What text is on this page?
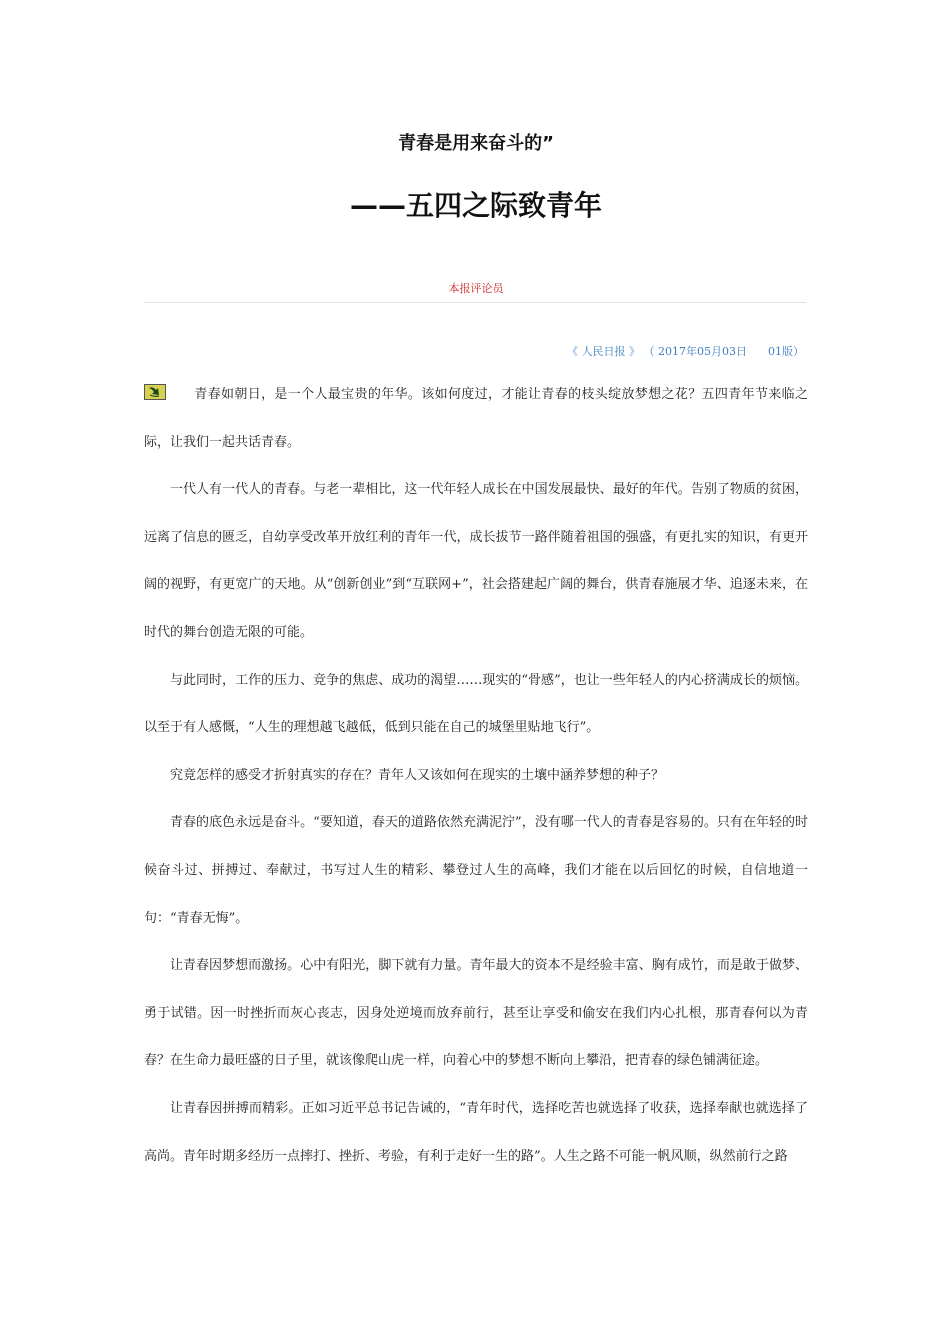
青春是用来奋斗的”
——五四之际致青年
本报评论员
《 人民日报 》 （ 2017年05月03日 01版）

青春如朝日，是一个人最宝贵的年华。该如何度过，才能让青春的枝头绽放梦想之花？五四青年节来临之际，让我们一起共话青春。

一代人有一代人的青春。与老一辈相比，这一代年轻人成长在中国发展最快、最好的年代。告别了物质的贫困，远离了信息的匮乏，自幼享受改革开放红利的青年一代，成长拔节一路伴随着祖国的强盛，有更扎实的知识，有更开阔的视野，有更宽广的天地。从“创新创业”到“互联网+”，社会搭建起广阔的舞台，供青春施展才华、追逐未来，在时代的舞台创造无限的可能。

与此同时，工作的压力、竞争的焦虑、成功的渴望……现实的“骨感”，也让一些年轻人的内心挤满成长的烦恼。以至于有人感慨，“人生的理想越飞越低，低到只能在自己的城堡里贴地飞行”。

究竟怎样的感受才折射真实的存在？青年人又该如何在现实的土壤中涵养梦想的种子？

青春的底色永远是奋斗。“要知道，春天的道路依然充满泥泞”，没有哪一代人的青春是容易的。只有在年轻的时候奋斗过、拼搏过、奉献过，书写过人生的精彩、攀登过人生的高峰，我们才能在以后回忆的时候，自信地道一句：“青春无悔”。

让青春因梦想而激扬。心中有阳光，脚下就有力量。青年最大的资本不是经验丰富、胸有成竹，而是敢于做梦、勇于试错。因一时挫折而灰心丧志，因身处逆境而放弃前行，甚至让享受和偷安在我们内心扎根，那青春何以为青春？在生命力最旺盛的日子里，就该像爬山虎一样，向着心中的梦想不断向上攀沿，把青春的绿色铺满征途。

让青春因拼搏而精彩。正如习近平总书记告诫的，“青年时代，选择吃苦也就选择了收获，选择奉献也就选择了高尚。青年时期多经历一点摔打、挫折、考验，有利于走好一生的路”。人生之路不可能一帆风顺，纵然前行之路
